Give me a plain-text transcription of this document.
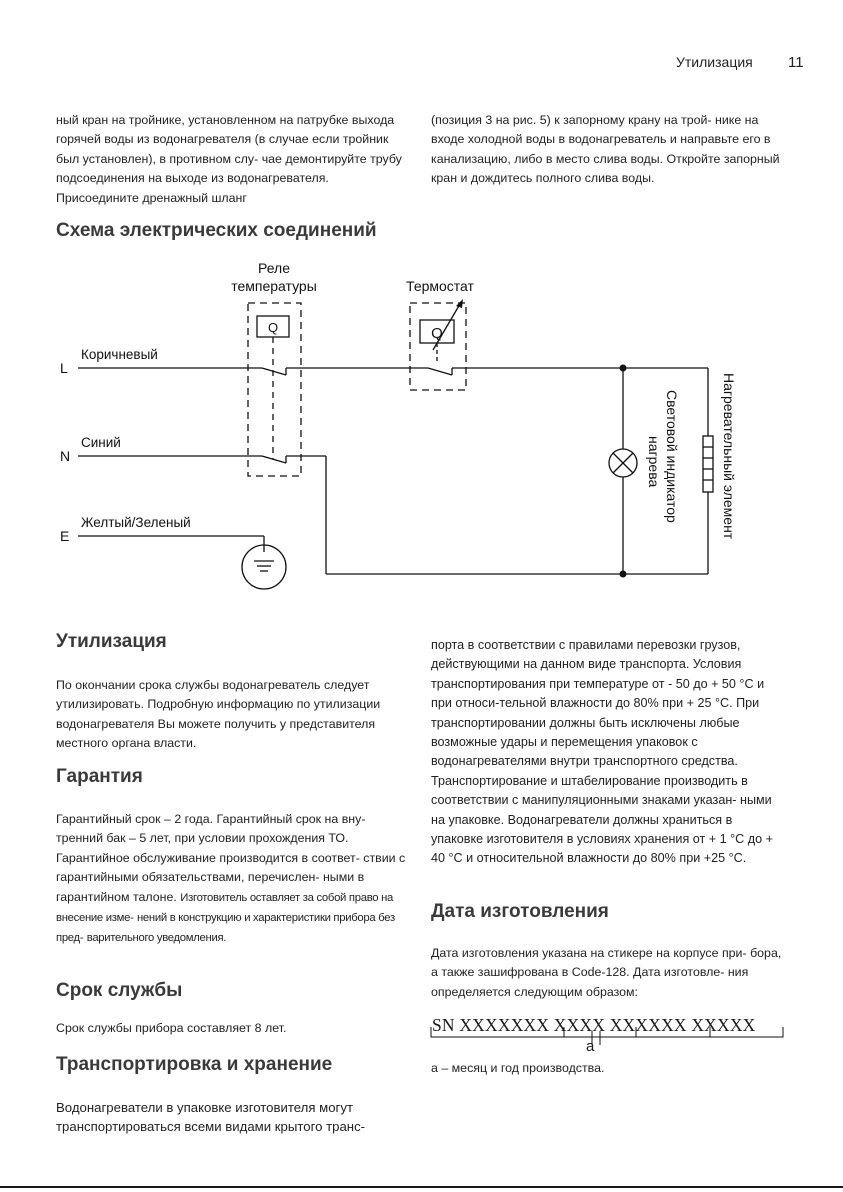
Утилизация 11
ный кран на тройнике, установленном на патрубке выхода горячей воды из водонагревателя (в случае если тройник был установлен), в противном слу- чае демонтируйте трубу подсоединения на выходе из водонагревателя. Присоедините дренажный шланг
(позиция 3 на рис. 5) к запорному крану на трой- нике на входе холодной воды в водонагреватель и направьте его в канализацию, либо в место слива воды. Откройте запорный кран и дождитесь полного слива воды.
Схема электрических соединений
Реле
температуры	Термостат
Q	Q
L
N
E
Коричневый
Синий
Желтый/Зеленый	Световой индикатор
нагрева	Нагревательный элемент
Утилизация
По окончании срока службы водонагреватель следует утилизировать. Подробную информацию по утилизации водонагревателя Вы можете получить у представителя местного органа власти.
Гарантия
Гарантийный срок – 2 года. Гарантийный срок на вну- тренний бак – 5 лет, при условии прохождения ТО. Гарантийное обслуживание производится в соответ- ствии с гарантийными обязательствами, перечислен- ными в гарантийном талоне. Изготовитель оставляет за собой право на внесение изме- нений в конструкцию и характеристики прибора без пред- варительного уведомления.
Срок службы
Срок службы прибора составляет 8 лет.
Транспортировка и хранение
Водонагреватели в упаковке изготовителя могут транспортироваться всеми видами крытого транс-
порта в соответствии с правилами перевозки грузов, действующими на данном виде транспорта. Условия транспортирования при температуре от - 50 до + 50 °С и при относи-тельной влажности до 80% при + 25 °С. При транспортировании должны быть исключены любые возможные удары и перемещения упаковок с водонагревателями внутри транспортного средства. Транспортирование и штабелирование производить в соответствии с манипуляционными знаками указан- ными на упаковке. Водонагреватели должны храниться в упаковке изготовителя в условиях хранения от + 1 °С до + 40 °С и относительной влажности до 80% при +25 °С.
Дата изготовления
Дата изготовления указана на стикере на корпусе при- бора, а также зашифрована в Code-128. Дата изготовле- ния определяется следующим образом:
SN XXXXXXX XXXX XXXXXX XXXXX
a
а – месяц и год производства.
